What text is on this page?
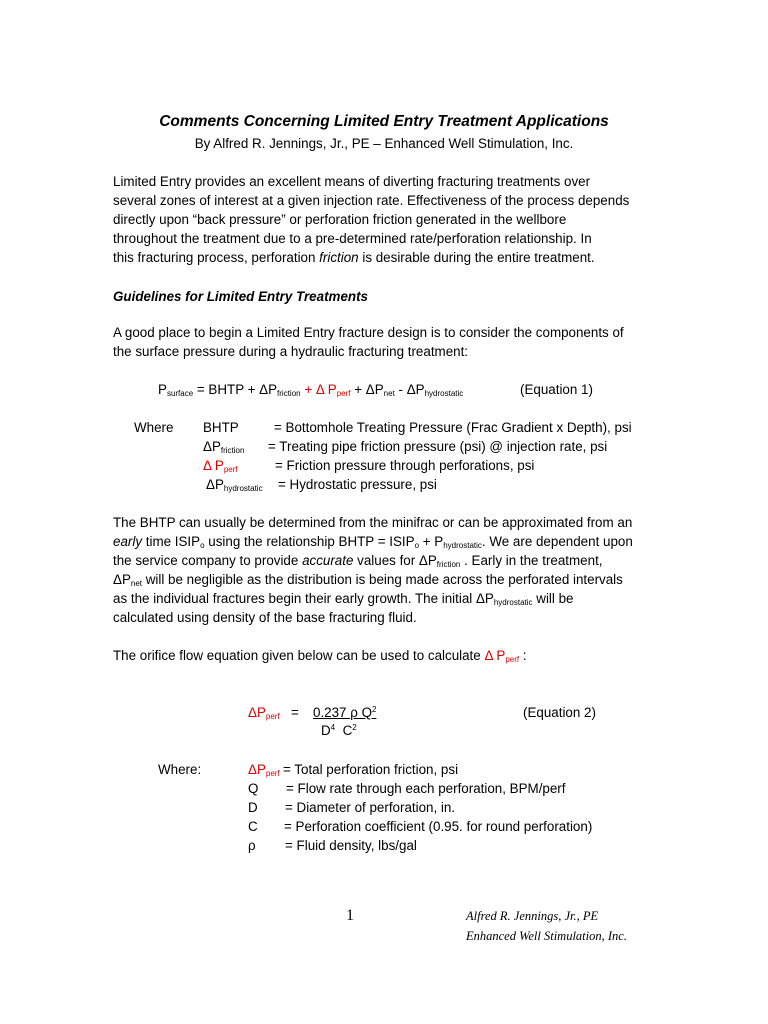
Comments Concerning Limited Entry Treatment Applications
By Alfred R. Jennings, Jr., PE – Enhanced Well Stimulation, Inc.
Limited Entry provides an excellent means of diverting fracturing treatments over
several zones of interest at a given injection rate. Effectiveness of the process depends
directly upon “back pressure” or perforation friction generated in the wellbore
throughout the treatment due to a pre-determined rate/perforation relationship. In
this fracturing process, perforation friction is desirable during the entire treatment.
Guidelines for Limited Entry Treatments
A good place to begin a Limited Entry fracture design is to consider the components of
the surface pressure during a hydraulic fracturing treatment:
$P_{surface}$ = BHTP + $\Delta P_{friction} + \Delta$ $P_{perf} + \Delta P_{net} - \Delta P_{hydrostatic}$	(Equation 1)
Where BHTP	= Bottomhole Treating Pressure (Frac Gradient x Depth), psi
$\Delta P_{friction}$ = Treating pipe friction pressure (psi) @ injection rate, psi
Δ $P_{perf}$	= Friction pressure through perforations, psi
$\Delta P_{hydrostatic}$ = Hydrostatic pressure, psi
The BHTP can usually be determined from the minifrac or can be approximated from an
early time $ISIP_o$ using the relationship BHTP = $ISIP_o + P_{hydrostatic}$. We are dependent upon
the service company to provide accurate values for $\Delta P_{friction}$ . Early in the treatment,
$\Delta P_{net}$ will be negligible as the distribution is being made across the perforated intervals
as the individual fractures begin their early growth. The initial $\Delta P_{hydrostatic}$ will be
calculated using density of the base fracturing fluid.
The orifice flow equation given below can be used to calculate Δ $P_{perf}$ :
$\Delta P_{perf} = 0.237$ ρ $Q^2$
$D^4$ $C^2$
(Equation 2)
Where:	$\Delta P_{perf}$ = Total perforation friction, psi
Q = Flow rate through each perforation, BPM/perf
D = Diameter of perforation, in.
C = Perforation coefficient (0.95. for round perforation)
ρ = Fluid density, lbs/gal
1	Alfred R. Jennings, Jr., PE
Enhanced Well Stimulation, Inc.
